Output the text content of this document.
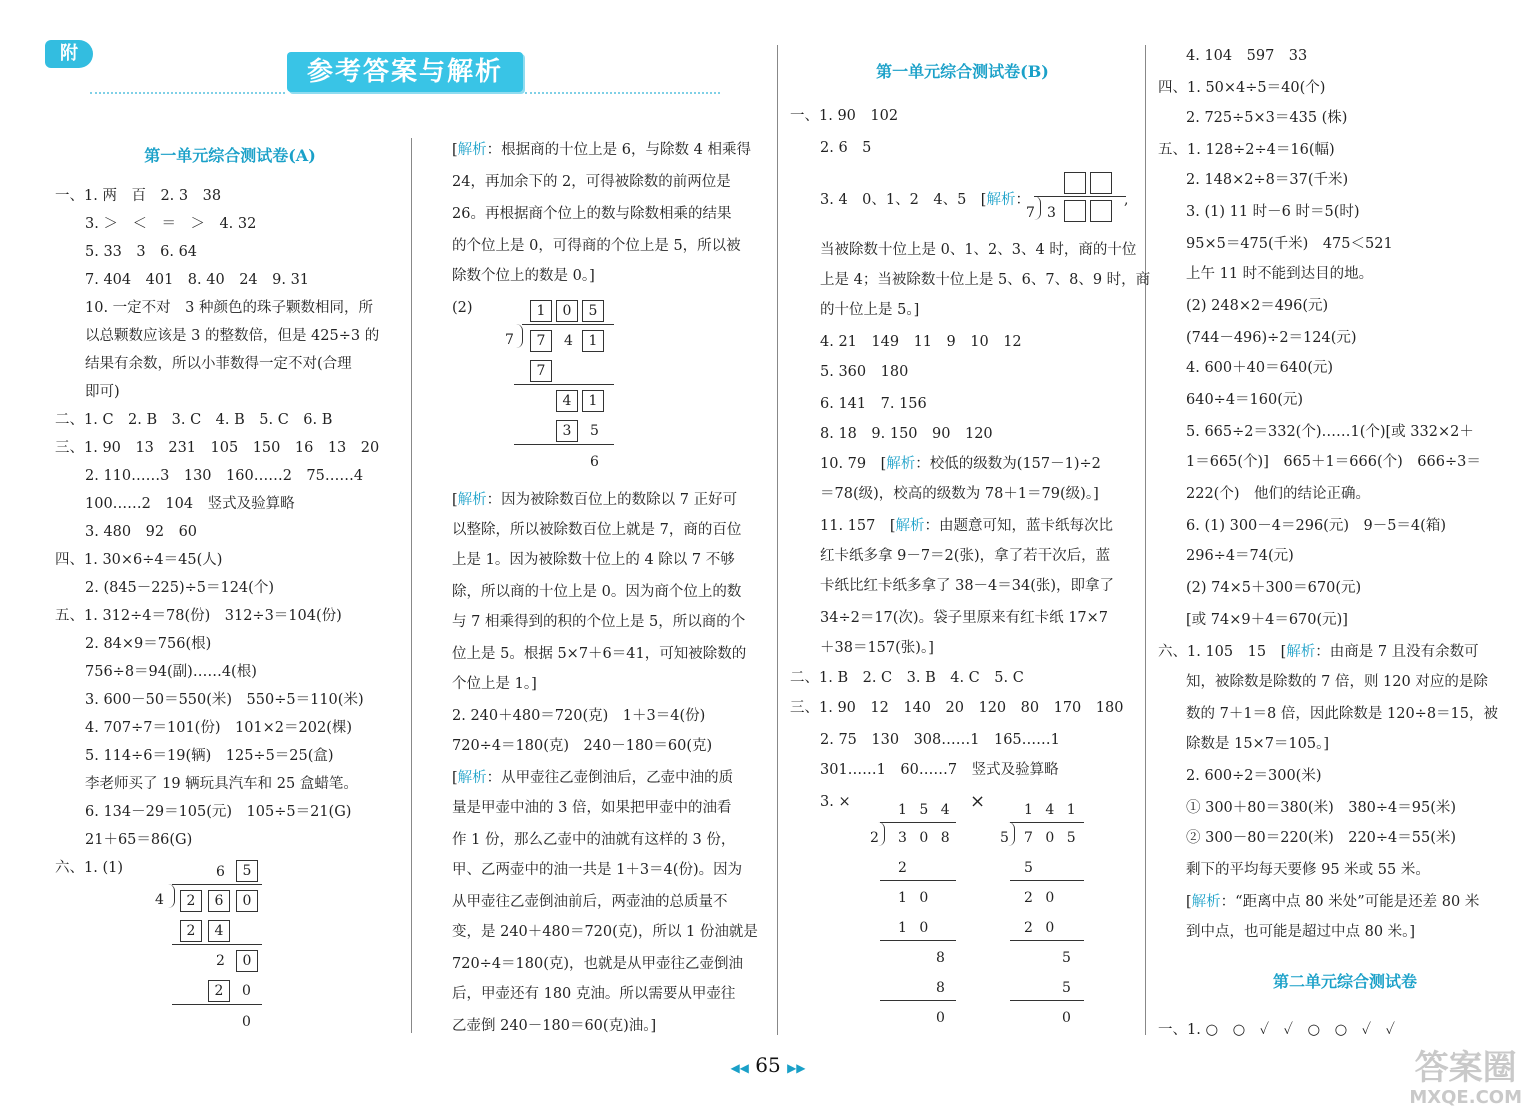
附
参考答案与解析
第一单元综合测试卷(A)
一、1. 两　百　2. 3　38
3. ＞　＜　＝　＞　4. 32
5. 33　3　6. 64
7. 404　401　8. 40　24　9. 31
10. 一定不对　3 种颜色的珠子颗数相同，所
以总颗数应该是 3 的整数倍，但是 425÷3 的
结果有余数，所以小菲数得一定不对(合理
即可)
二、1. C　2. B　3. C　4. B　5. C　6. B
三、1. 90　13　231　105　150　16　13　20
2. 110……3　130　160……2　75……4
100……2　104　竖式及验算略
3. 480　92　60
四、1. 30×6÷4＝45(人)
2. (845－225)÷5＝124(个)
五、1. 312÷4＝78(份)　312÷3＝104(份)
2. 84×9＝756(根)
756÷8＝94(副)……4(根)
3. 600－50＝550(米)　550÷5＝110(米)
4. 707÷7＝101(份)　101×2＝202(棵)
5. 114÷6＝19(辆)　125÷5＝25(盒)
李老师买了 19 辆玩具汽车和 25 盒蜡笔。
6. 134－29＝105(元)　105÷5＝21(G)
21＋65＝86(G)
六、1. (1)	6	5
4	2	6	0
2	4
2	0
2	0
0
[解析：根据商的十位上是 6，与除数 4 相乘得
24，再加余下的 2，可得被除数的前两位是
26。再根据商个位上的数与除数相乘的结果
的个位上是 0，可得商的个位上是 5，所以被
除数个位上的数是 0。]
(2)	1	0	5
7	7	4	1
7
4	1
3	5
6
[解析：因为被除数百位上的数除以 7 正好可
以整除，所以被除数百位上就是 7，商的百位
上是 1。因为被除数十位上的 4 除以 7 不够
除，所以商的十位上是 0。因为商个位上的数
与 7 相乘得到的积的个位上是 5，所以商的个
位上是 5。根据 5×7＋6＝41，可知被除数的
个位上是 1。]
2. 240＋480＝720(克)　1＋3＝4(份)
720÷4＝180(克)　240－180＝60(克)
[解析：从甲壶往乙壶倒油后，乙壶中油的质
量是甲壶中油的 3 倍，如果把甲壶中的油看
作 1 份，那么乙壶中的油就有这样的 3 份，
甲、乙两壶中的油一共是 1＋3＝4(份)。因为
从甲壶往乙壶倒油前后，两壶油的总质量不
变，是 240＋480＝720(克)，所以 1 份油就是
720÷4＝180(克)，也就是从甲壶往乙壶倒油
后，甲壶还有 180 克油。所以需要从甲壶往
乙壶倒 240－180＝60(克)油。]
第一单元综合测试卷(B)
一、1. 90　102
2. 6　5
3. 4　0、1、2　4、5　[解析：
7 3
,
当被除数十位上是 0、1、2、3、4 时，商的十位
上是 4；当被除数十位上是 5、6、7、8、9 时，商
的十位上是 5。]
4. 21　149　11　9　10　12
5. 360　180
6. 141　7. 156
8. 18　9. 150　90　120
10. 79　[解析：校低的级数为(157－1)÷2
＝78(级)，校高的级数为 78＋1＝79(级)。]
11. 157　[解析：由题意可知，蓝卡纸每次比
红卡纸多拿 9－7＝2(张)，拿了若干次后，蓝
卡纸比红卡纸多拿了 38－4＝34(张)，即拿了
34÷2＝17(次)。袋子里原来有红卡纸 17×7
＋38＝157(张)。]
二、1. B　2. C　3. B　4. C　5. C
三、1. 90　12　140　20　120　80　170　180
2. 75　130　308……1　165……1
301……1　60……7　竖式及验算略
3. ×	1 5 4
2 3 0 8
2
1 0
1 0
8
8
0
×	1 4 1
5 7 0 5
5
2 0
2 0
5
5
0
4. 104　597　33
四、1. 50×4÷5＝40(个)
2. 725÷5×3＝435 (株)
五、1. 128÷2÷4＝16(幅)
2. 148×2÷8＝37(千米)
3. (1) 11 时－6 时＝5(时)
95×5＝475(千米)　475＜521
上午 11 时不能到达目的地。
(2) 248×2＝496(元)
(744－496)÷2＝124(元)
4. 600＋40＝640(元)
640÷4＝160(元)
5. 665÷2＝332(个)……1(个)[或 332×2＋
1＝665(个)]　665＋1＝666(个)　666÷3＝
222(个)　他们的结论正确。
6. (1) 300－4＝296(元)　9－5＝4(箱)
296÷4＝74(元)
(2) 74×5＋300＝670(元)
[或 74×9＋4＝670(元)]
六、1. 105　15　[解析：由商是 7 且没有余数可
知，被除数是除数的 7 倍，则 120 对应的是除
数的 7＋1＝8 倍，因此除数是 120÷8＝15，被
除数是 15×7＝105。]
2. 600÷2＝300(米)
① 300＋80＝380(米)　380÷4＝95(米)
② 300－80＝220(米)　220÷4＝55(米)
剩下的平均每天要修 95 米或 55 米。
[解析：“距离中点 80 米处”可能是还差 80 米
到中点，也可能是超过中点 80 米。]
第二单元综合测试卷
一、1. ○　○　✓　✓　○　○　✓　✓
◀◀ 65 ▶▶	答案圈
MXQE.COM
